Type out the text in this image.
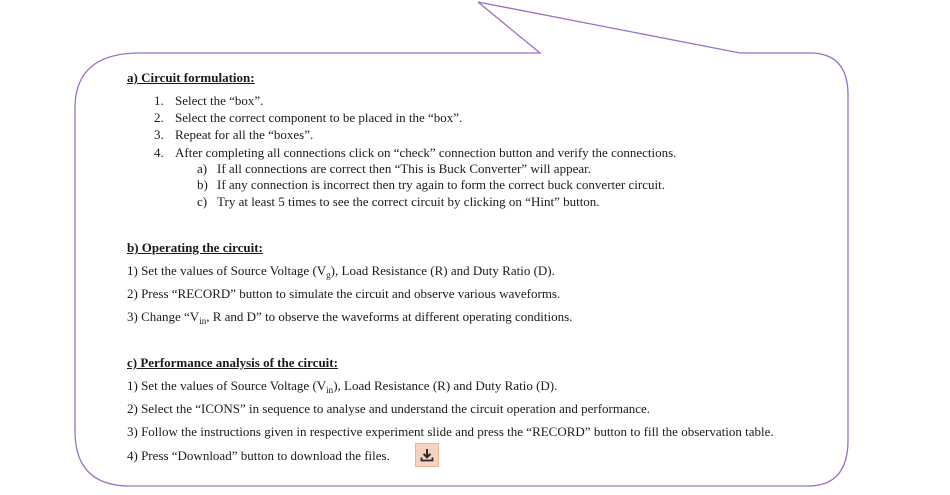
a) Circuit formulation:
1. Select the “box”.
2. Select the correct component to be placed in the “box”.
3. Repeat for all the “boxes”.
4. After completing all connections click on “check” connection button and verify the connections.
a) If all connections are correct then “This is Buck Converter” will appear.
b) If any connection is incorrect then try again to form the correct buck converter circuit.
c) Try at least 5 times to see the correct circuit by clicking on “Hint” button.
b) Operating the circuit:
1) Set the values of Source Voltage $(V_g)$, Load Resistance (R) and Duty Ratio (D).
2) Press “RECORD” button to simulate the circuit and observe various waveforms.
3) Change “$V_{in}$, R and D” to observe the waveforms at different operating conditions.
c) Performance analysis of the circuit:
1) Set the values of Source Voltage $(V_{in})$, Load Resistance (R) and Duty Ratio (D).
2) Select the “ICONS” in sequence to analyse and understand the circuit operation and performance.
3) Follow the instructions given in respective experiment slide and press the “RECORD” button to fill the observation table.
4) Press “Download” button to download the files.
